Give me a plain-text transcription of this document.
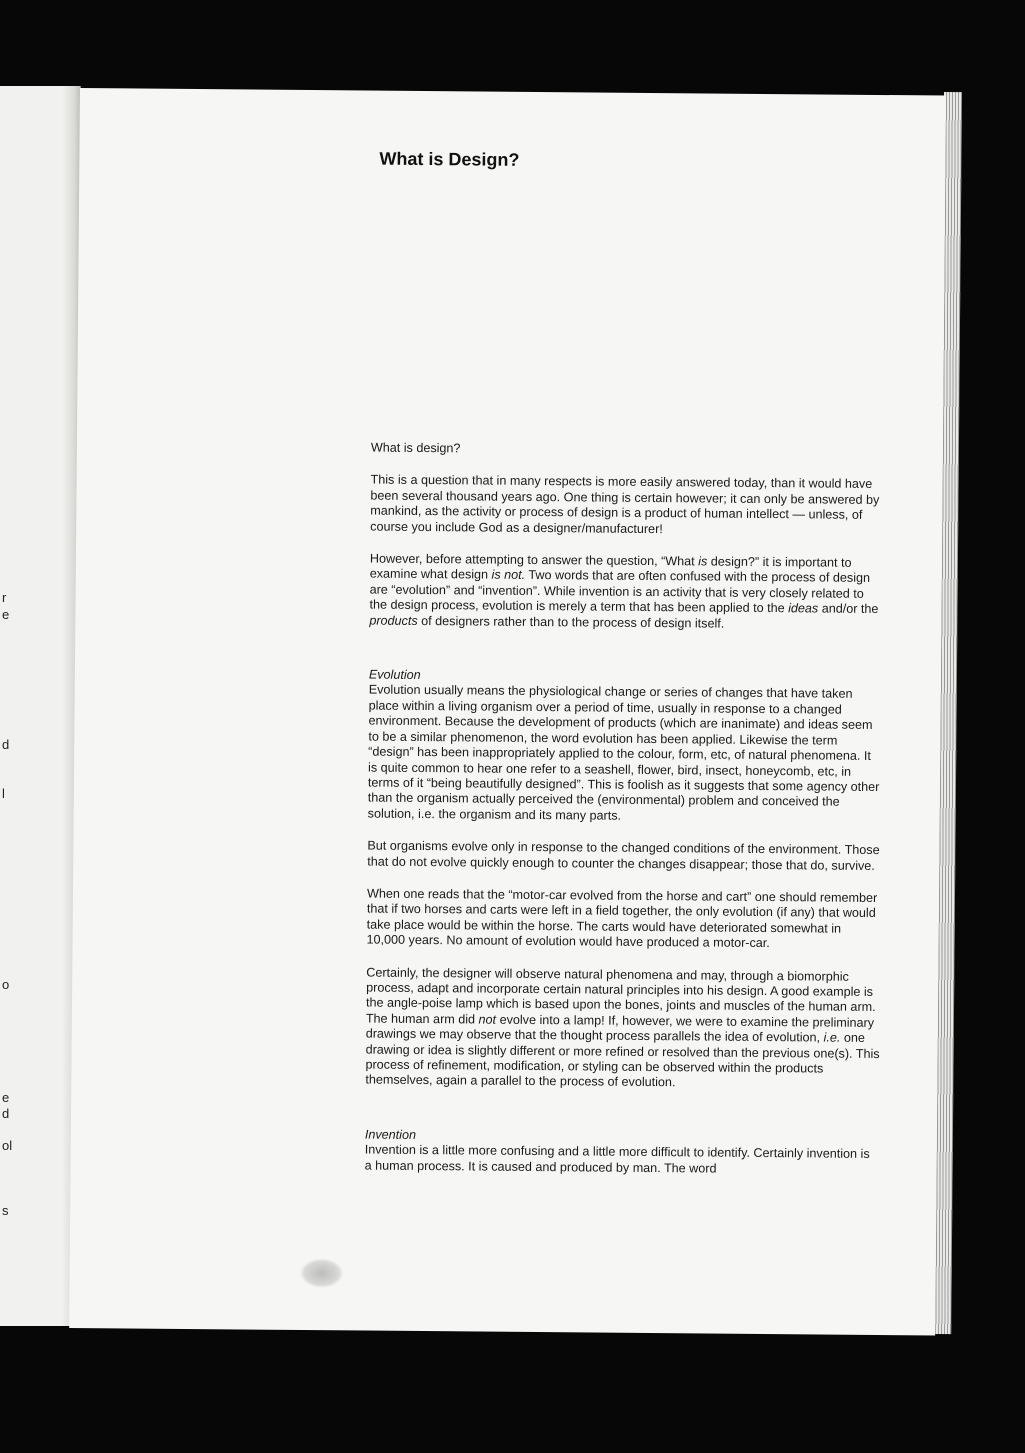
r
e
d
l
o
e
d
ol
s
What is Design?

What is design?

This is a question that in many respects is more easily answered today, than it would have been several thousand years ago. One thing is certain however; it can only be answered by mankind, as the activity or process of design is a product of human intellect — unless, of course you include God as a designer/manufacturer!

However, before attempting to answer the question, “What is design?” it is important to examine what design is not. Two words that are often confused with the process of design are “evolution” and “invention”. While invention is an activity that is very closely related to the design process, evolution is merely a term that has been applied to the ideas and/or the products of designers rather than to the process of design itself.

Evolution

Evolution usually means the physiological change or series of changes that have taken place within a living organism over a period of time, usually in response to a changed environment. Because the development of products (which are inanimate) and ideas seem to be a similar phenomenon, the word evolution has been applied. Likewise the term “design” has been inappropriately applied to the colour, form, etc, of natural phenomena. It is quite common to hear one refer to a seashell, flower, bird, insect, honeycomb, etc, in terms of it “being beautifully designed”. This is foolish as it suggests that some agency other than the organism actually perceived the (environmental) problem and conceived the solution, i.e. the organism and its many parts.

But organisms evolve only in response to the changed conditions of the environment. Those that do not evolve quickly enough to counter the changes disappear; those that do, survive.

When one reads that the “motor-car evolved from the horse and cart” one should remember that if two horses and carts were left in a field together, the only evolution (if any) that would take place would be within the horse. The carts would have deteriorated somewhat in 10,000 years. No amount of evolution would have produced a motor-car.

Certainly, the designer will observe natural phenomena and may, through a biomorphic process, adapt and incorporate certain natural principles into his design. A good example is the angle-poise lamp which is based upon the bones, joints and muscles of the human arm. The human arm did not evolve into a lamp! If, however, we were to examine the preliminary drawings we may observe that the thought process parallels the idea of evolution, i.e. one drawing or idea is slightly different or more refined or resolved than the previous one(s). This process of refinement, modification, or styling can be observed within the products themselves, again a parallel to the process of evolution.

Invention

Invention is a little more confusing and a little more difficult to identify. Certainly invention is a human process. It is caused and produced by man. The word
